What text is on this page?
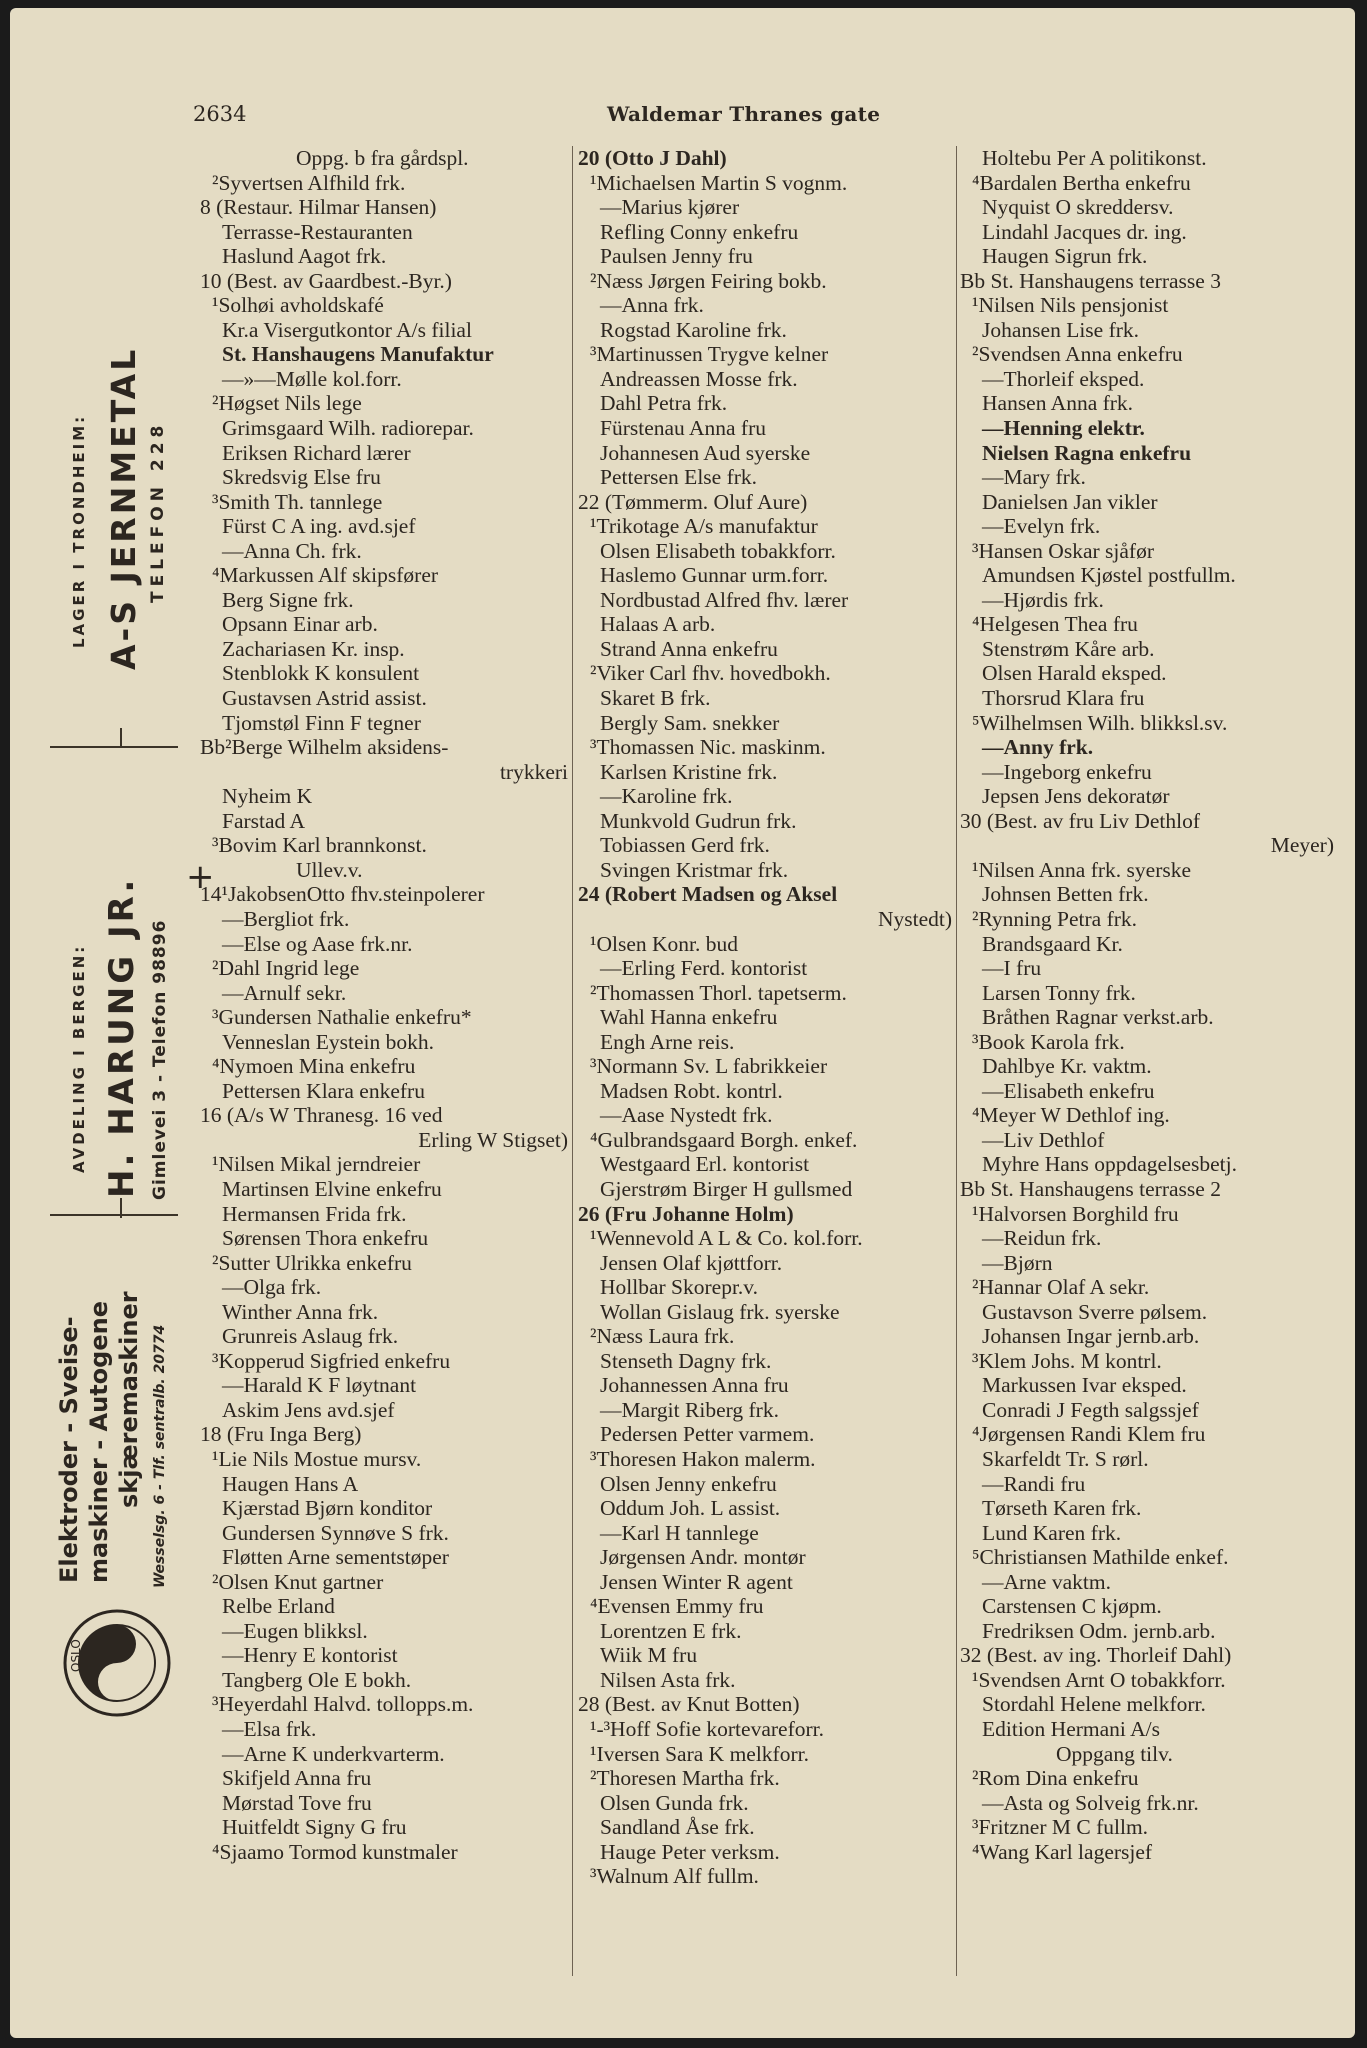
2634	Waldemar Thranes gate
LAGER I TRONDHEIM: A-S JERNMETAL TELEFON 228
AVDELING I BERGEN: H. HARUNG JR. Gimlevei 3 - Telefon 98896
Elektroder - Sveise- maskiner - Autogene skjæremaskiner Wesselsg. 6 - Tlf. sentralb. 20774
OSLO
+
Oppg. b fra gårdspl.
²Syvertsen Alfhild frk.
8 (Restaur. Hilmar Hansen)
Terrasse-Restauranten
Haslund Aagot frk.
10 (Best. av Gaardbest.-Byr.)
¹Solhøi avholdskafé
Kr.a Visergutkontor A/s filial
St. Hanshaugens Manufaktur
—»—Mølle kol.forr.
²Høgset Nils lege
Grimsgaard Wilh. radiorepar.
Eriksen Richard lærer
Skredsvig Else fru
³Smith Th. tannlege
Fürst C A ing. avd.sjef
—Anna Ch. frk.
⁴Markussen Alf skipsfører
Berg Signe frk.
Opsann Einar arb.
Zachariasen Kr. insp.
Stenblokk K konsulent
Gustavsen Astrid assist.
Tjomstøl Finn F tegner
Bb²Berge Wilhelm aksidens-
trykkeri
Nyheim K
Farstad A
³Bovim Karl brannkonst.
Ullev.v.
14¹JakobsenOtto fhv.steinpolerer
—Bergliot frk.
—Else og Aase frk.nr.
²Dahl Ingrid lege
—Arnulf sekr.
³Gundersen Nathalie enkefru*
Venneslan Eystein bokh.
⁴Nymoen Mina enkefru
Pettersen Klara enkefru
16 (A/s W Thranesg. 16 ved
Erling W Stigset)
¹Nilsen Mikal jerndreier
Martinsen Elvine enkefru
Hermansen Frida frk.
Sørensen Thora enkefru
²Sutter Ulrikka enkefru
—Olga frk.
Winther Anna frk.
Grunreis Aslaug frk.
³Kopperud Sigfried enkefru
—Harald K F løytnant
Askim Jens avd.sjef
18 (Fru Inga Berg)
¹Lie Nils Mostue mursv.
Haugen Hans A
Kjærstad Bjørn konditor
Gundersen Synnøve S frk.
Fløtten Arne sementstøper
²Olsen Knut gartner
Relbe Erland
—Eugen blikksl.
—Henry E kontorist
Tangberg Ole E bokh.
³Heyerdahl Halvd. tollopps.m.
—Elsa frk.
—Arne K underkvarterm.
Skifjeld Anna fru
Mørstad Tove fru
Huitfeldt Signy G fru
⁴Sjaamo Tormod kunstmaler
20 (Otto J Dahl)
¹Michaelsen Martin S vognm.
—Marius kjører
Refling Conny enkefru
Paulsen Jenny fru
²Næss Jørgen Feiring bokb.
—Anna frk.
Rogstad Karoline frk.
³Martinussen Trygve kelner
Andreassen Mosse frk.
Dahl Petra frk.
Fürstenau Anna fru
Johannesen Aud syerske
Pettersen Else frk.
22 (Tømmerm. Oluf Aure)
¹Trikotage A/s manufaktur
Olsen Elisabeth tobakkforr.
Haslemo Gunnar urm.forr.
Nordbustad Alfred fhv. lærer
Halaas A arb.
Strand Anna enkefru
²Viker Carl fhv. hovedbokh.
Skaret B frk.
Bergly Sam. snekker
³Thomassen Nic. maskinm.
Karlsen Kristine frk.
—Karoline frk.
Munkvold Gudrun frk.
Tobiassen Gerd frk.
Svingen Kristmar frk.
24 (Robert Madsen og Aksel
Nystedt)
¹Olsen Konr. bud
—Erling Ferd. kontorist
²Thomassen Thorl. tapetserm.
Wahl Hanna enkefru
Engh Arne reis.
³Normann Sv. L fabrikkeier
Madsen Robt. kontrl.
—Aase Nystedt frk.
⁴Gulbrandsgaard Borgh. enkef.
Westgaard Erl. kontorist
Gjerstrøm Birger H gullsmed
26 (Fru Johanne Holm)
¹Wennevold A L & Co. kol.forr.
Jensen Olaf kjøttforr.
Hollbar Skorepr.v.
Wollan Gislaug frk. syerske
²Næss Laura frk.
Stenseth Dagny frk.
Johannessen Anna fru
—Margit Riberg frk.
Pedersen Petter varmem.
³Thoresen Hakon malerm.
Olsen Jenny enkefru
Oddum Joh. L assist.
—Karl H tannlege
Jørgensen Andr. montør
Jensen Winter R agent
⁴Evensen Emmy fru
Lorentzen E frk.
Wiik M fru
Nilsen Asta frk.
28 (Best. av Knut Botten)
¹‐³Hoff Sofie kortevareforr.
¹Iversen Sara K melkforr.
²Thoresen Martha frk.
Olsen Gunda frk.
Sandland Åse frk.
Hauge Peter verksm.
³Walnum Alf fullm.
Holtebu Per A politikonst.
⁴Bardalen Bertha enkefru
Nyquist O skreddersv.
Lindahl Jacques dr. ing.
Haugen Sigrun frk.
Bb St. Hanshaugens terrasse 3
¹Nilsen Nils pensjonist
Johansen Lise frk.
²Svendsen Anna enkefru
—Thorleif eksped.
Hansen Anna frk.
—Henning elektr.
Nielsen Ragna enkefru
—Mary frk.
Danielsen Jan vikler
—Evelyn frk.
³Hansen Oskar sjåfør
Amundsen Kjøstel postfullm.
—Hjørdis frk.
⁴Helgesen Thea fru
Stenstrøm Kåre arb.
Olsen Harald eksped.
Thorsrud Klara fru
⁵Wilhelmsen Wilh. blikksl.sv.
—Anny frk.
—Ingeborg enkefru
Jepsen Jens dekoratør
30 (Best. av fru Liv Dethlof
Meyer)
¹Nilsen Anna frk. syerske
Johnsen Betten frk.
²Rynning Petra frk.
Brandsgaard Kr.
—I fru
Larsen Tonny frk.
Bråthen Ragnar verkst.arb.
³Book Karola frk.
Dahlbye Kr. vaktm.
—Elisabeth enkefru
⁴Meyer W Dethlof ing.
—Liv Dethlof
Myhre Hans oppdagelsesbetj.
Bb St. Hanshaugens terrasse 2
¹Halvorsen Borghild fru
—Reidun frk.
—Bjørn
²Hannar Olaf A sekr.
Gustavson Sverre pølsem.
Johansen Ingar jernb.arb.
³Klem Johs. M kontrl.
Markussen Ivar eksped.
Conradi J Fegth salgssjef
⁴Jørgensen Randi Klem fru
Skarfeldt Tr. S rørl.
—Randi fru
Tørseth Karen frk.
Lund Karen frk.
⁵Christiansen Mathilde enkef.
—Arne vaktm.
Carstensen C kjøpm.
Fredriksen Odm. jernb.arb.
32 (Best. av ing. Thorleif Dahl)
¹Svendsen Arnt O tobakkforr.
Stordahl Helene melkforr.
Edition Hermani A/s
Oppgang tilv.
²Rom Dina enkefru
—Asta og Solveig frk.nr.
³Fritzner M C fullm.
⁴Wang Karl lagersjef
